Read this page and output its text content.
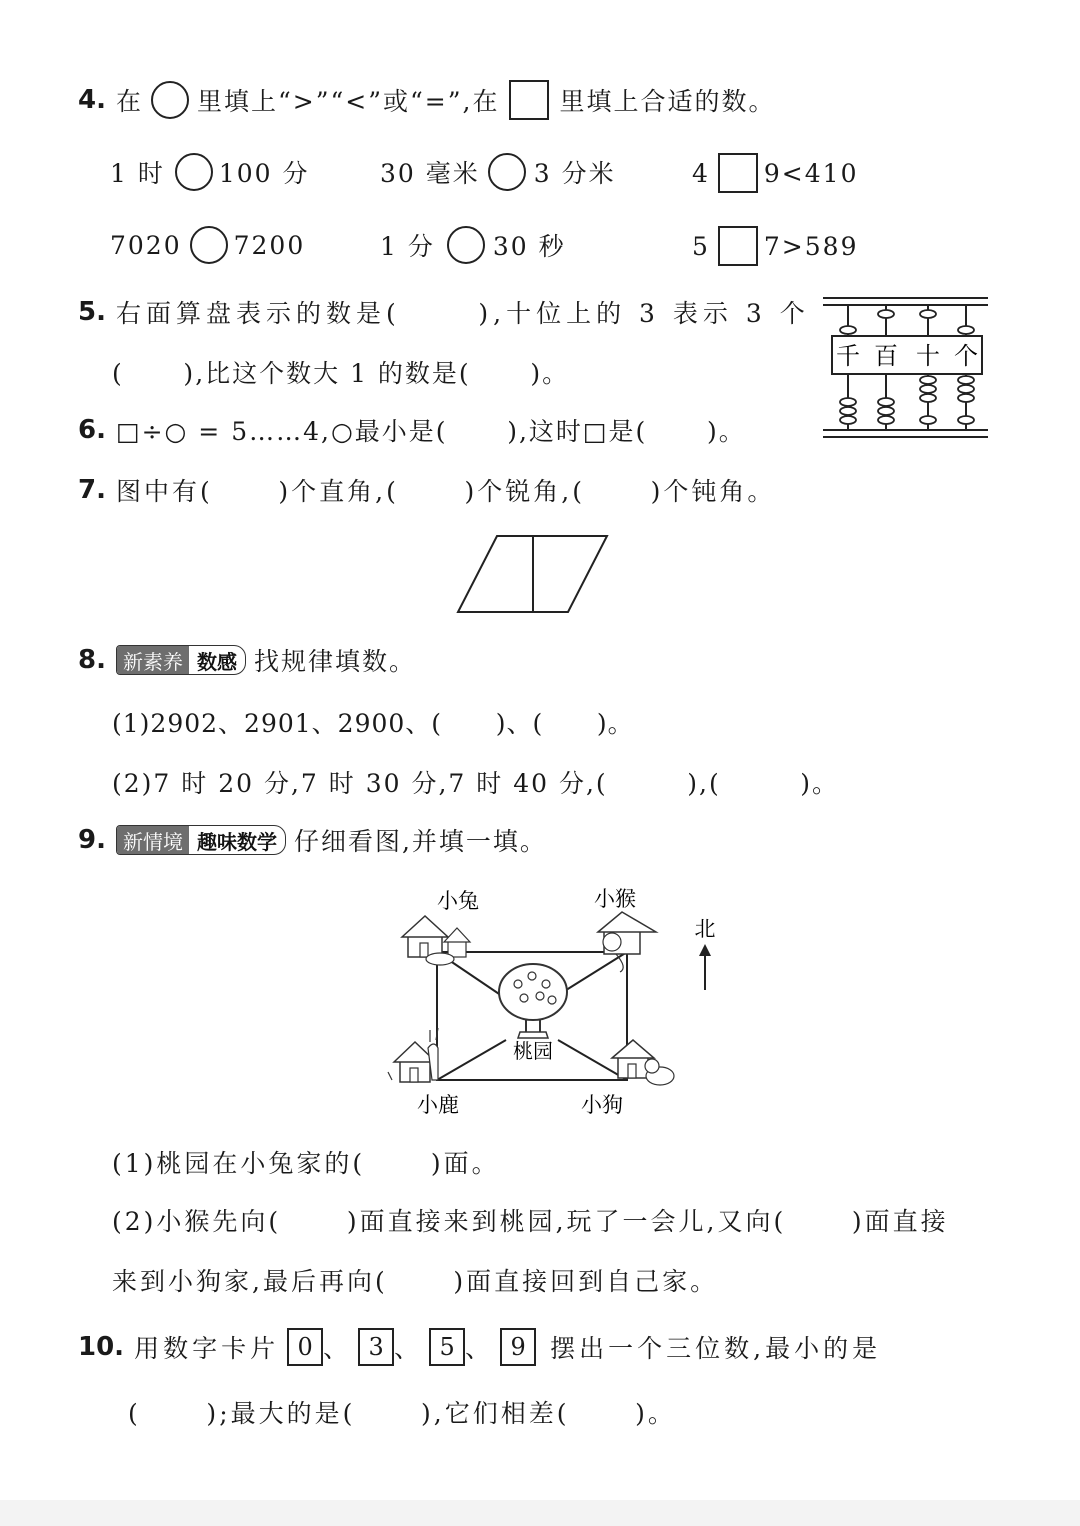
4. 在 里填上“>”“<”或“=”,在 里填上合适的数。
1 时 100 分	30 毫米 3 分米	4 9<410
7020 7200	1 分 30 秒	5 7>589
5. 右面算盘表示的数是(      ),十位上的 3 表示 3 个
(      ),比这个数大 1 的数是(      )。
千 百 十 个
6. □÷○ = 5……4,○最小是(      ),这时□是(      )。
7. 图中有(      )个直角,(      )个锐角,(      )个钝角。
8. 新素养 数感 找规律填数。
(1)2902、2901、2900、(      )、(      )。
(2)7 时 20 分,7 时 30 分,7 时 40 分,(        ),(        )。
9. 新情境 趣味数学 仔细看图,并填一填。
桃园
小兔	小猴
小鹿	小狗
北
(1)桃园在小兔家的(      )面。
(2)小猴先向(      )面直接来到桃园,玩了一会儿,又向(      )面直接
来到小狗家,最后再向(      )面直接回到自己家。
10. 用数字卡片 0 、 3 、 5 、 9 摆出一个三位数,最小的是
(      );最大的是(      ),它们相差(      )。
